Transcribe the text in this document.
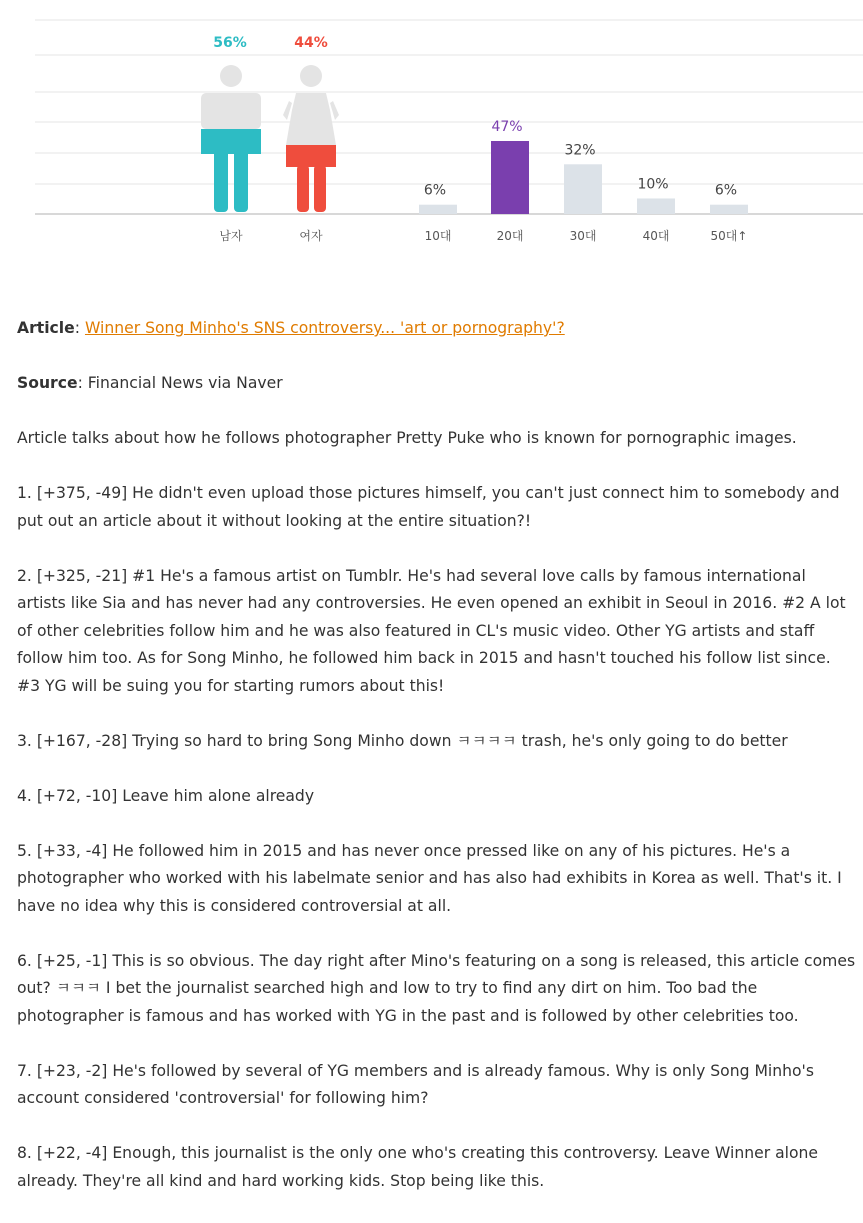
56%	44%
남자	여자
6%
10대
47%
20대
32%
30대
10%
40대
6%
50대↑

Article: Winner Song Minho's SNS controversy... 'art or pornography'?

Source: Financial News via Naver

Article talks about how he follows photographer Pretty Puke who is known for pornographic images.

1. [+375, -49] He didn't even upload those pictures himself, you can't just connect him to somebody and put out an article about it without looking at the entire situation?!

2. [+325, -21] #1 He's a famous artist on Tumblr. He's had several love calls by famous international artists like Sia and has never had any controversies. He even opened an exhibit in Seoul in 2016. #2 A lot of other celebrities follow him and he was also featured in CL's music video. Other YG artists and staff follow him too. As for Song Minho, he followed him back in 2015 and hasn't touched his follow list since. #3 YG will be suing you for starting rumors about this!

3. [+167, -28] Trying so hard to bring Song Minho down ㅋㅋㅋㅋ trash, he's only going to do better

4. [+72, -10] Leave him alone already

5. [+33, -4] He followed him in 2015 and has never once pressed like on any of his pictures. He's a photographer who worked with his labelmate senior and has also had exhibits in Korea as well. That's it. I have no idea why this is considered controversial at all.

6. [+25, -1] This is so obvious. The day right after Mino's featuring on a song is released, this article comes out? ㅋㅋㅋ I bet the journalist searched high and low to try to find any dirt on him. Too bad the photographer is famous and has worked with YG in the past and is followed by other celebrities too.

7. [+23, -2] He's followed by several of YG members and is already famous. Why is only Song Minho's account considered 'controversial' for following him?

8. [+22, -4] Enough, this journalist is the only one who's creating this controversy. Leave Winner alone already. They're all kind and hard working kids. Stop being like this.
